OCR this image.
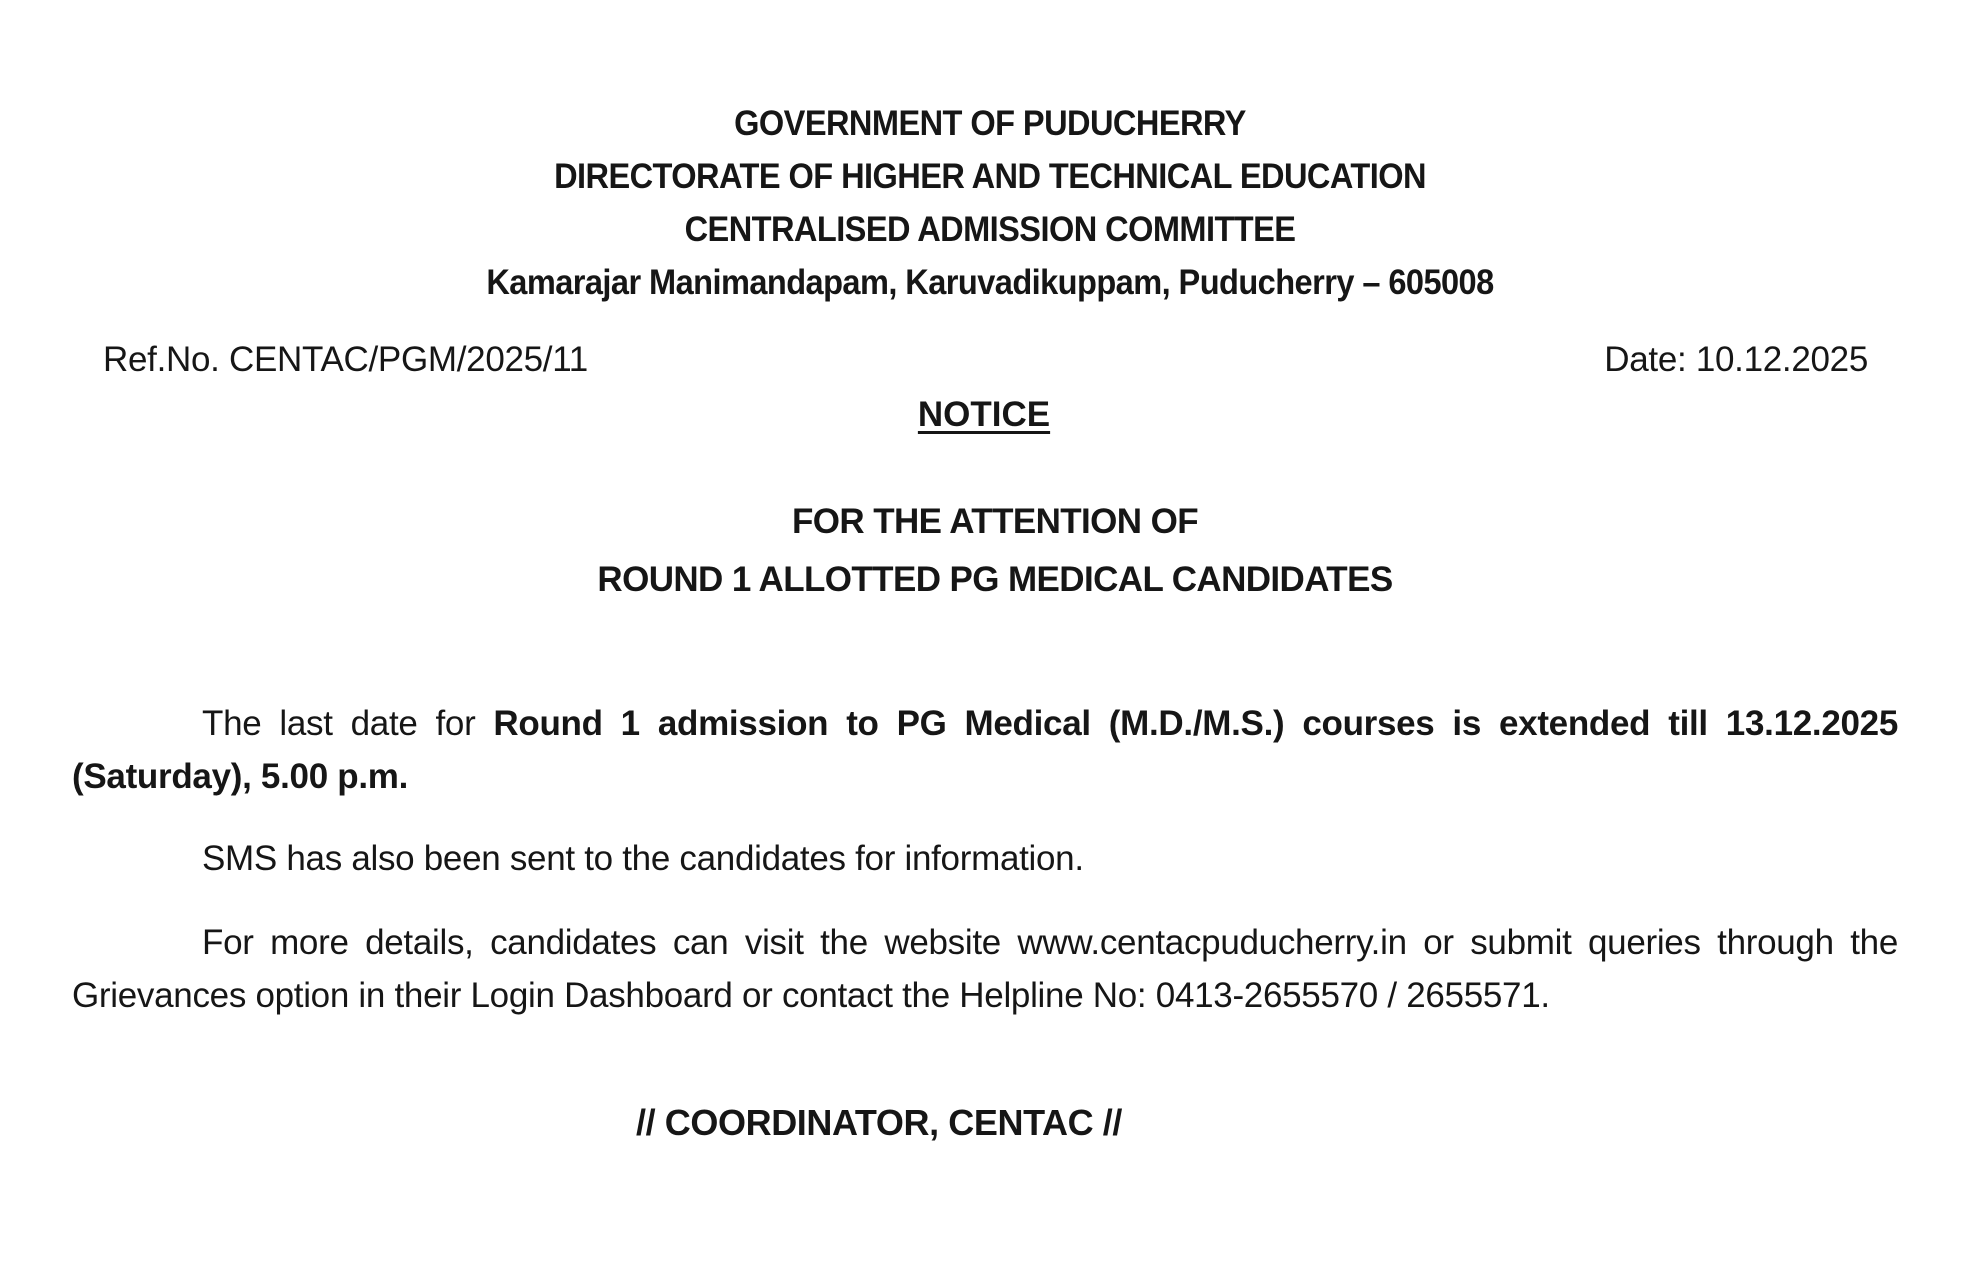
GOVERNMENT OF PUDUCHERRY
DIRECTORATE OF HIGHER AND TECHNICAL EDUCATION
CENTRALISED ADMISSION COMMITTEE
Kamarajar Manimandapam, Karuvadikuppam, Puducherry – 605008
Ref.No. CENTAC/PGM/2025/11	Date: 10.12.2025
NOTICE
FOR THE ATTENTION OF
ROUND 1 ALLOTTED PG MEDICAL CANDIDATES
The last date for Round 1 admission to PG Medical (M.D./M.S.) courses is extended till 13.12.2025 (Saturday), 5.00 p.m.
SMS has also been sent to the candidates for information.
For more details, candidates can visit the website www.centacpuducherry.in or submit queries through the Grievances option in their Login Dashboard or contact the Helpline No: 0413-2655570 / 2655571.
// COORDINATOR, CENTAC //
